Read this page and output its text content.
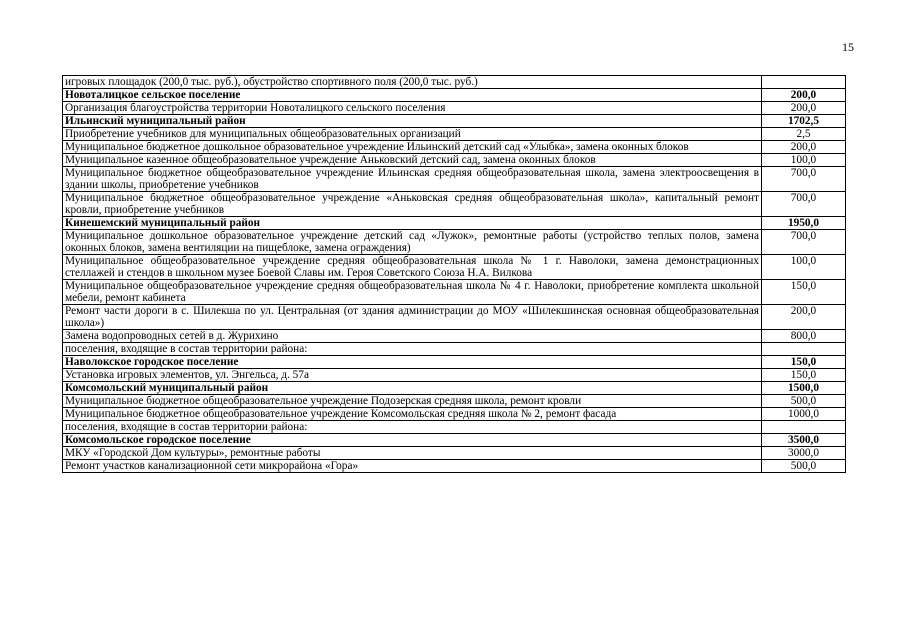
15
игровых площадок (200,0 тыс. руб.), обустройство спортивного поля (200,0 тыс. руб.)	
Новоталицкое сельское поселение	200,0
Организация благоустройства территории Новоталицкого сельского поселения	200,0
Ильинский муниципальный район	1702,5
Приобретение учебников для муниципальных общеобразовательных организаций	2,5
Муниципальное бюджетное дошкольное образовательное учреждение Ильинский детский сад «Улыбка», замена оконных блоков	200,0
Муниципальное казенное общеобразовательное учреждение Аньковский детский сад, замена оконных блоков	100,0
Муниципальное бюджетное общеобразовательное учреждение Ильинская средняя общеобразовательная школа, замена электроосвещения в здании школы, приобретение учебников	700,0
Муниципальное бюджетное общеобразовательное учреждение «Аньковская средняя общеобразовательная школа», капитальный ремонт кровли, приобретение учебников	700,0
Кинешемский муниципальный район	1950,0
Муниципальное дошкольное образовательное учреждение детский сад «Лужок», ремонтные работы (устройство теплых полов, замена оконных блоков, замена вентиляции на пищеблоке, замена ограждения)	700,0
Муниципальное общеобразовательное учреждение средняя общеобразовательная школа № 1 г. Наволоки, замена демонстрационных стеллажей и стендов в школьном музее Боевой Славы им. Героя Советского Союза Н.А. Вилкова	100,0
Муниципальное общеобразовательное учреждение средняя общеобразовательная школа № 4 г. Наволоки, приобретение комплекта школьной мебели, ремонт кабинета	150,0
Ремонт части дороги в с. Шилекша по ул. Центральная (от здания администрации до МОУ «Шилекшинская основная общеобразовательная школа»)	200,0
Замена водопроводных сетей в д. Журихино	800,0
поселения, входящие в состав территории района:	
Наволокское городское поселение	150,0
Установка игровых элементов, ул. Энгельса, д. 57а	150,0
Комсомольский муниципальный район	1500,0
Муниципальное бюджетное общеобразовательное учреждение Подозерская средняя школа, ремонт кровли	500,0
Муниципальное бюджетное общеобразовательное учреждение Комсомольская средняя школа № 2, ремонт фасада	1000,0
поселения, входящие в состав территории района:	
Комсомольское городское поселение	3500,0
МКУ «Городской Дом культуры», ремонтные работы	3000,0
Ремонт участков канализационной сети микрорайона «Гора»	500,0
